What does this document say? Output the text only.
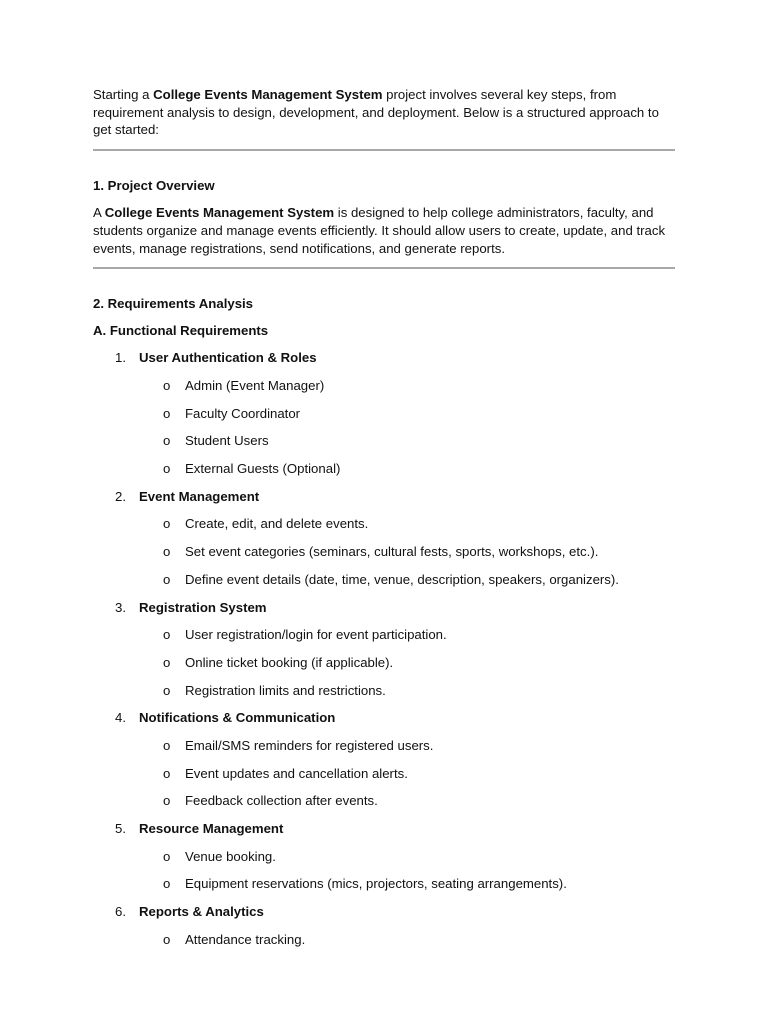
Starting a College Events Management System project involves several key steps, from requirement analysis to design, development, and deployment. Below is a structured approach to get started:

1. Project Overview

A College Events Management System is designed to help college administrators, faculty, and students organize and manage events efficiently. It should allow users to create, update, and track events, manage registrations, send notifications, and generate reports.

2. Requirements Analysis

A. Functional Requirements

1. User Authentication & Roles
o Admin (Event Manager)
o Faculty Coordinator
o Student Users
o External Guests (Optional)
2. Event Management
o Create, edit, and delete events.
o Set event categories (seminars, cultural fests, sports, workshops, etc.).
o Define event details (date, time, venue, description, speakers, organizers).
3. Registration System
o User registration/login for event participation.
o Online ticket booking (if applicable).
o Registration limits and restrictions.
4. Notifications & Communication
o Email/SMS reminders for registered users.
o Event updates and cancellation alerts.
o Feedback collection after events.
5. Resource Management
o Venue booking.
o Equipment reservations (mics, projectors, seating arrangements).
6. Reports & Analytics
o Attendance tracking.
